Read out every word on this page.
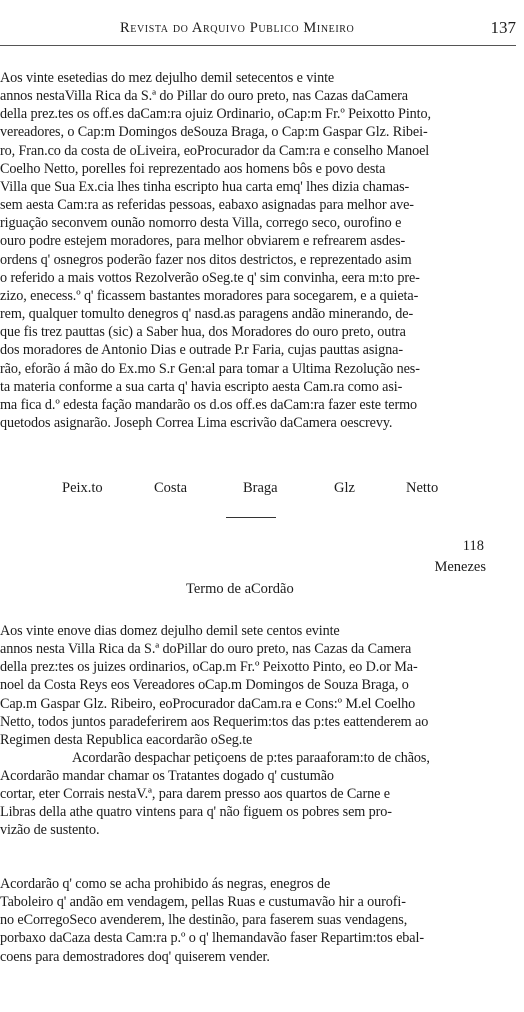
Revista do Arquivo Publico Mineiro	137
Aos vinte esetedias do mez dejulho demil setecentos e vinte
annos nestaVilla Rica da S.ª do Pillar do ouro preto, nas Cazas daCamera
della prez.tes os off.es daCam:ra ojuiz Ordinario, oCap:m Fr.º Peixotto Pinto,
vereadores, o Cap:m Domingos deSouza Braga, o Cap:m Gaspar Glz. Ribei-
ro, Fran.co da costa de oLiveira, eoProcurador da Cam:ra e conselho Manoel
Coelho Netto, porelles foi reprezentado aos homens bôs e povo desta
Villa que Sua Ex.cia lhes tinha escripto hua carta emq' lhes dizia chamas-
sem aesta Cam:ra as referidas pessoas, eabaxo asignadas para melhor ave-
riguação seconvem ounão nomorro desta Villa, corrego seco, ourofino e
ouro podre estejem moradores, para melhor obviarem e refrearem asdes-
ordens q' osnegros poderão fazer nos ditos destrictos, e reprezentado asim
o referido a mais vottos Rezolverão oSeg.te q' sim convinha, eera m:to pre-
zizo, enecess.º q' ficassem bastantes moradores para socegarem, e a quieta-
rem, qualquer tomulto denegros q' nasd.as paragens andão minerando, de-
que fis trez pauttas (sic) a Saber hua, dos Moradores do ouro preto, outra
dos moradores de Antonio Dias e outrade P.r Faria, cujas pauttas asigna-
rão, eforão á mão do Ex.mo S.r Gen:al para tomar a Ultima Rezolução nes-
ta materia conforme a sua carta q' havia escripto aesta Cam.ra como asi-
ma fica d.º edesta fação mandarão os d.os off.es daCam:ra fazer este termo
quetodos asignarão. Joseph Correa Lima escrivão daCamera oescrevy.
Peix.to	Costa	Braga	Glz	Netto
118
Menezes
Termo de aCordão
Aos vinte enove dias domez dejulho demil sete centos evinte
annos nesta Villa Rica da S.ª doPillar do ouro preto, nas Cazas da Camera
della prez:tes os juizes ordinarios, oCap.m Fr.º Peixotto Pinto, eo D.or Ma-
noel da Costa Reys eos Vereadores oCap.m Domingos de Souza Braga, o
Cap.m Gaspar Glz. Ribeiro, eoProcurador daCam.ra e Cons:º M.el Coelho
Netto, todos juntos paradeferirem aos Requerim:tos das p:tes eattenderem ao
Regimen desta Republica eacordarão oSeg.te
Acordarão despachar petiçoens de p:tes paraaforam:to de chãos,
Acordarão mandar chamar os Tratantes dogado q' custumão
cortar, eter Corrais nestaV.ª, para darem presso aos quartos de Carne e
Libras della athe quatro vintens para q' não figuem os pobres sem pro-
vizão de sustento.
Acordarão q' como se acha prohibido ás negras, enegros de
Taboleiro q' andão em vendagem, pellas Ruas e custumavão hir a ourofi-
no eCorregoSeco avenderem, lhe destinão, para faserem suas vendagens,
porbaxo daCaza desta Cam:ra p.º o q' lhemandavão faser Repartim:tos ebal-
coens para demostradores doq' quiserem vender.
